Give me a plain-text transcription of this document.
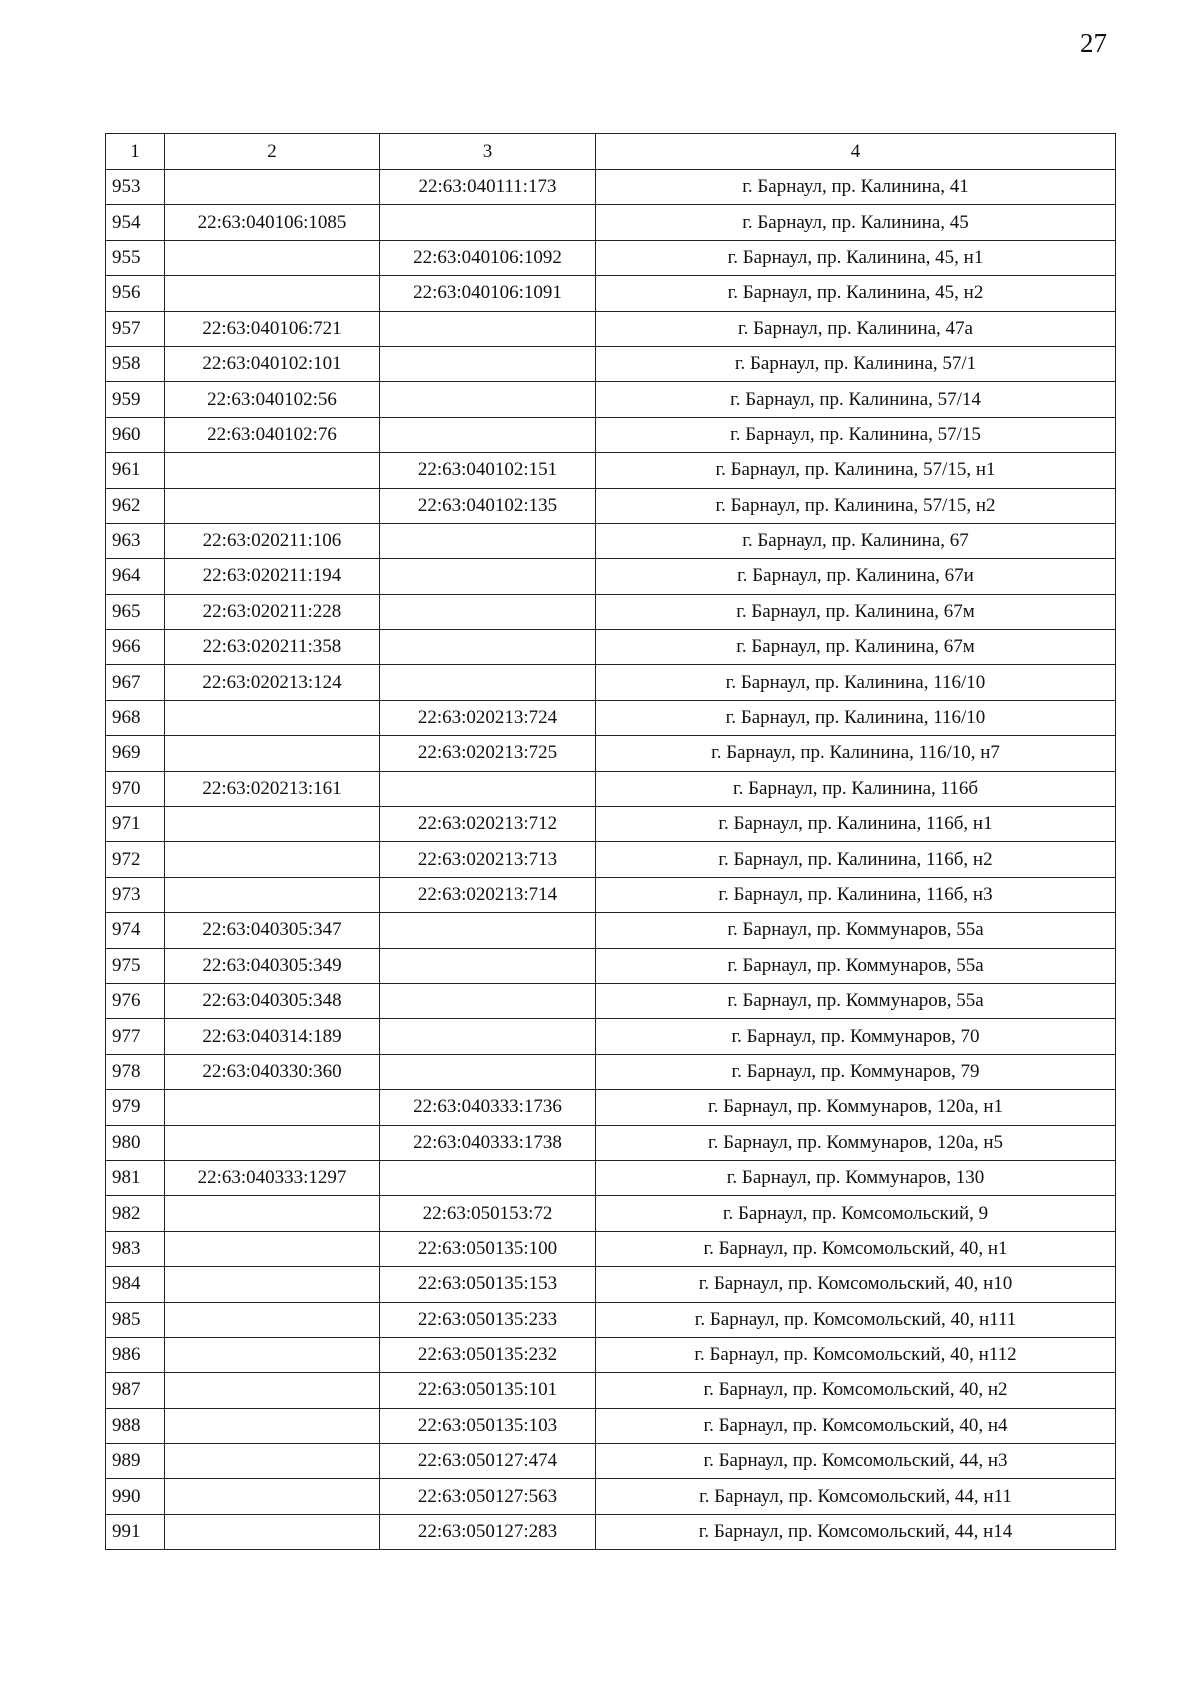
27
1	2	3	4
953		22:63:040111:173	г. Барнаул, пр. Калинина, 41
954	22:63:040106:1085		г. Барнаул, пр. Калинина, 45
955		22:63:040106:1092	г. Барнаул, пр. Калинина, 45, н1
956		22:63:040106:1091	г. Барнаул, пр. Калинина, 45, н2
957	22:63:040106:721		г. Барнаул, пр. Калинина, 47а
958	22:63:040102:101		г. Барнаул, пр. Калинина, 57/1
959	22:63:040102:56		г. Барнаул, пр. Калинина, 57/14
960	22:63:040102:76		г. Барнаул, пр. Калинина, 57/15
961		22:63:040102:151	г. Барнаул, пр. Калинина, 57/15, н1
962		22:63:040102:135	г. Барнаул, пр. Калинина, 57/15, н2
963	22:63:020211:106		г. Барнаул, пр. Калинина, 67
964	22:63:020211:194		г. Барнаул, пр. Калинина, 67и
965	22:63:020211:228		г. Барнаул, пр. Калинина, 67м
966	22:63:020211:358		г. Барнаул, пр. Калинина, 67м
967	22:63:020213:124		г. Барнаул, пр. Калинина, 116/10
968		22:63:020213:724	г. Барнаул, пр. Калинина, 116/10
969		22:63:020213:725	г. Барнаул, пр. Калинина, 116/10, н7
970	22:63:020213:161		г. Барнаул, пр. Калинина, 116б
971		22:63:020213:712	г. Барнаул, пр. Калинина, 116б, н1
972		22:63:020213:713	г. Барнаул, пр. Калинина, 116б, н2
973		22:63:020213:714	г. Барнаул, пр. Калинина, 116б, н3
974	22:63:040305:347		г. Барнаул, пр. Коммунаров, 55а
975	22:63:040305:349		г. Барнаул, пр. Коммунаров, 55а
976	22:63:040305:348		г. Барнаул, пр. Коммунаров, 55а
977	22:63:040314:189		г. Барнаул, пр. Коммунаров, 70
978	22:63:040330:360		г. Барнаул, пр. Коммунаров, 79
979		22:63:040333:1736	г. Барнаул, пр. Коммунаров, 120а, н1
980		22:63:040333:1738	г. Барнаул, пр. Коммунаров, 120а, н5
981	22:63:040333:1297		г. Барнаул, пр. Коммунаров, 130
982		22:63:050153:72	г. Барнаул, пр. Комсомольский, 9
983		22:63:050135:100	г. Барнаул, пр. Комсомольский, 40, н1
984		22:63:050135:153	г. Барнаул, пр. Комсомольский, 40, н10
985		22:63:050135:233	г. Барнаул, пр. Комсомольский, 40, н111
986		22:63:050135:232	г. Барнаул, пр. Комсомольский, 40, н112
987		22:63:050135:101	г. Барнаул, пр. Комсомольский, 40, н2
988		22:63:050135:103	г. Барнаул, пр. Комсомольский, 40, н4
989		22:63:050127:474	г. Барнаул, пр. Комсомольский, 44, н3
990		22:63:050127:563	г. Барнаул, пр. Комсомольский, 44, н11
991		22:63:050127:283	г. Барнаул, пр. Комсомольский, 44, н14
